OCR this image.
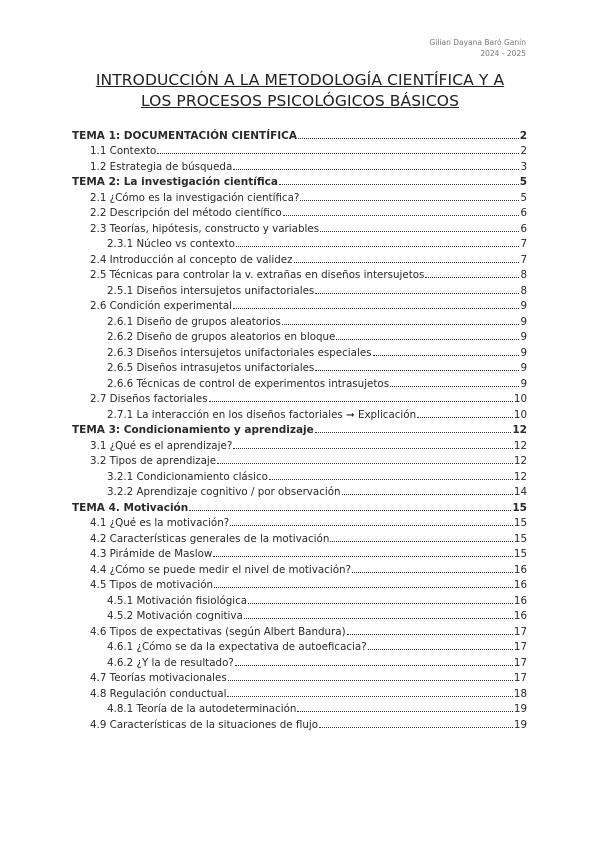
Gilian Dayana Baró Ganín
2024 - 2025
INTRODUCCIÓN A LA METODOLOGÍA CIENTÍFICA Y A
LOS PROCESOS PSICOLÓGICOS BÁSICOS
TEMA 1: DOCUMENTACIÓN CIENTÍFICA	2
1.1 Contexto	2
1.2 Estrategia de búsqueda	3
TEMA 2: La investigación científica	5
2.1 ¿Cómo es la investigación científica?	5
2.2 Descripción del método científico	6
2.3 Teorías, hipótesis, constructo y variables	6
2.3.1 Núcleo vs contexto	7
2.4 Introducción al concepto de validez	7
2.5 Técnicas para controlar la v. extrañas en diseños intersujetos	8
2.5.1 Diseños intersujetos unifactoriales	8
2.6 Condición experimental	9
2.6.1 Diseño de grupos aleatorios	9
2.6.2 Diseño de grupos aleatorios en bloque	9
2.6.3 Diseños intersujetos unifactoriales especiales	9
2.6.5 Diseños intrasujetos unifactoriales	9
2.6.6 Técnicas de control de experimentos intrasujetos	9
2.7 Diseños factoriales	10
2.7.1 La interacción en los diseños factoriales ➞ Explicación	10
TEMA 3: Condicionamiento y aprendizaje	12
3.1 ¿Qué es el aprendizaje?	12
3.2 Tipos de aprendizaje	12
3.2.1 Condicionamiento clásico	12
3.2.2 Aprendizaje cognitivo / por observación	14
TEMA 4. Motivación	15
4.1 ¿Qué es la motivación?	15
4.2 Características generales de la motivación	15
4.3 Pirámide de Maslow	15
4.4 ¿Cómo se puede medir el nivel de motivación?	16
4.5 Tipos de motivación	16
4.5.1 Motivación fisiológica	16
4.5.2 Motivación cognitiva	16
4.6 Tipos de expectativas (según Albert Bandura)	17
4.6.1 ¿Cómo se da la expectativa de autoeficacia?	17
4.6.2 ¿Y la de resultado?	17
4.7 Teorías motivacionales	17
4.8 Regulación conductual	18
4.8.1 Teoría de la autodeterminación	19
4.9 Características de la situaciones de flujo	19
